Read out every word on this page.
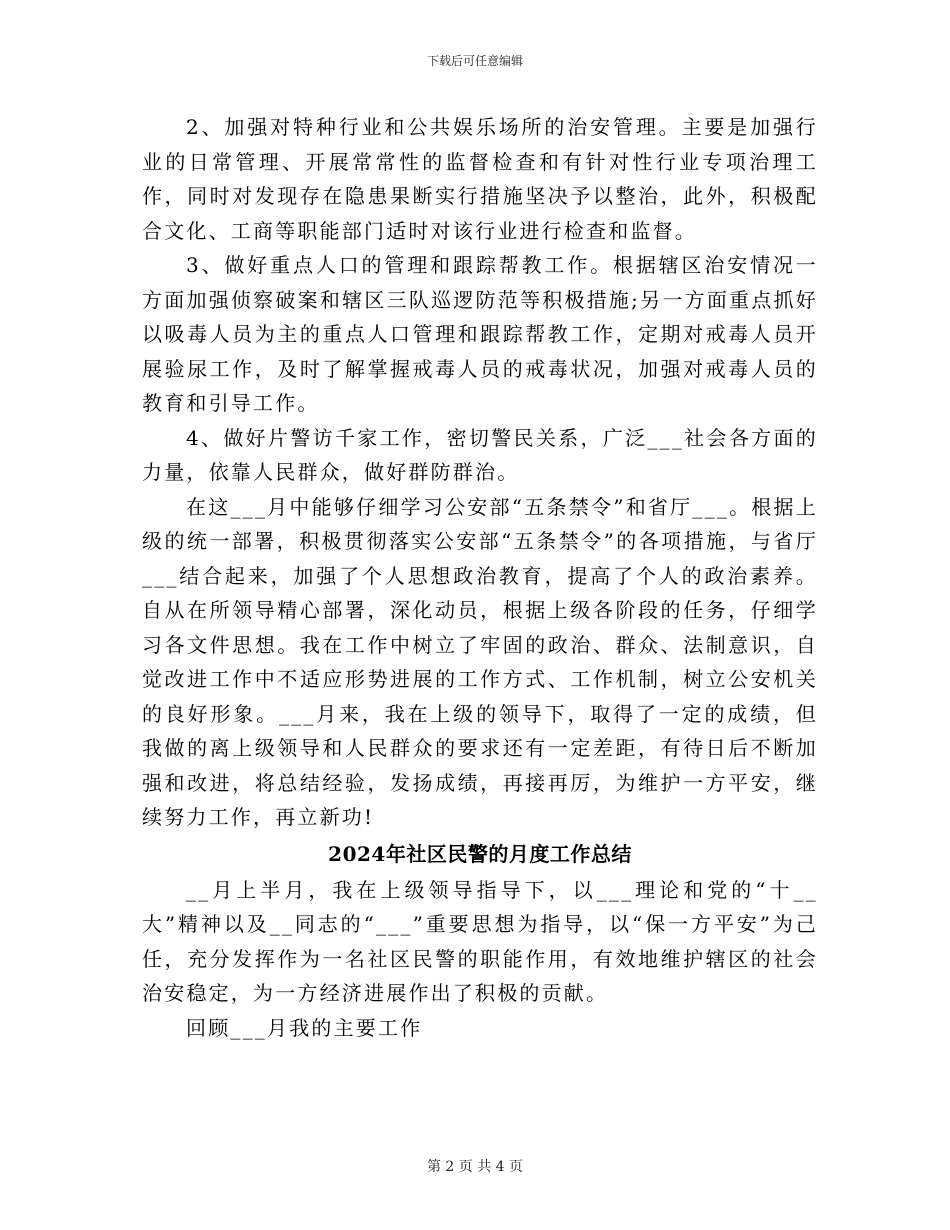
下载后可任意编辑

2、加强对特种行业和公共娱乐场所的治安管理。主要是加强行业的日常管理、开展常常性的监督检查和有针对性行业专项治理工作，同时对发现存在隐患果断实行措施坚决予以整治，此外，积极配合文化、工商等职能部门适时对该行业进行检查和监督。

3、做好重点人口的管理和跟踪帮教工作。根据辖区治安情况一方面加强侦察破案和辖区三队巡逻防范等积极措施;另一方面重点抓好以吸毒人员为主的重点人口管理和跟踪帮教工作，定期对戒毒人员开展验尿工作，及时了解掌握戒毒人员的戒毒状况，加强对戒毒人员的教育和引导工作。

4、做好片警访千家工作，密切警民关系，广泛___社会各方面的力量，依靠人民群众，做好群防群治。

在这___月中能够仔细学习公安部“五条禁令”和省厅___。根据上级的统一部署，积极贯彻落实公安部“五条禁令”的各项措施，与省厅___结合起来，加强了个人思想政治教育，提高了个人的政治素养。自从在所领导精心部署，深化动员，根据上级各阶段的任务，仔细学习各文件思想。我在工作中树立了牢固的政治、群众、法制意识，自觉改进工作中不适应形势进展的工作方式、工作机制，树立公安机关的良好形象。___月来，我在上级的领导下，取得了一定的成绩，但我做的离上级领导和人民群众的要求还有一定差距，有待日后不断加强和改进，将总结经验，发扬成绩，再接再厉，为维护一方平安，继续努力工作，再立新功!

2024年社区民警的月度工作总结

__月上半月，我在上级领导指导下，以___理论和党的“十__大”精神以及__同志的“___”重要思想为指导，以“保一方平安”为己任，充分发挥作为一名社区民警的职能作用，有效地维护辖区的社会治安稳定，为一方经济进展作出了积极的贡献。

回顾___月我的主要工作

第 2 页 共 4 页
